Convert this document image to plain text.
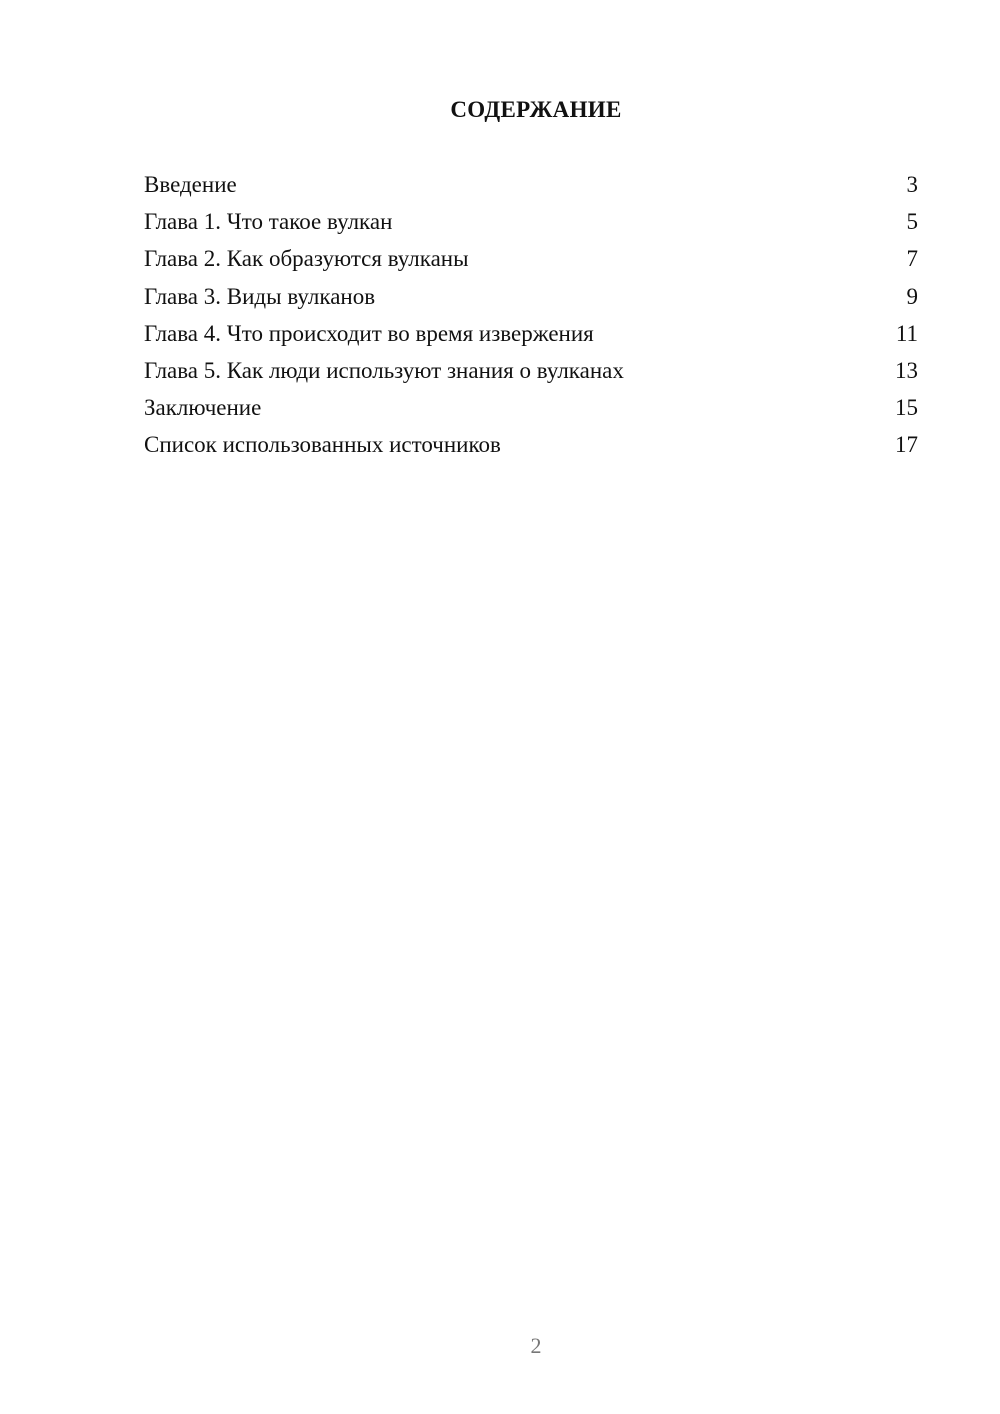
СОДЕРЖАНИЕ
Введение	3
Глава 1. Что такое вулкан	5
Глава 2. Как образуются вулканы	7
Глава 3. Виды вулканов	9
Глава 4. Что происходит во время извержения	11
Глава 5. Как люди используют знания о вулканах	13
Заключение	15
Список использованных источников	17
2
